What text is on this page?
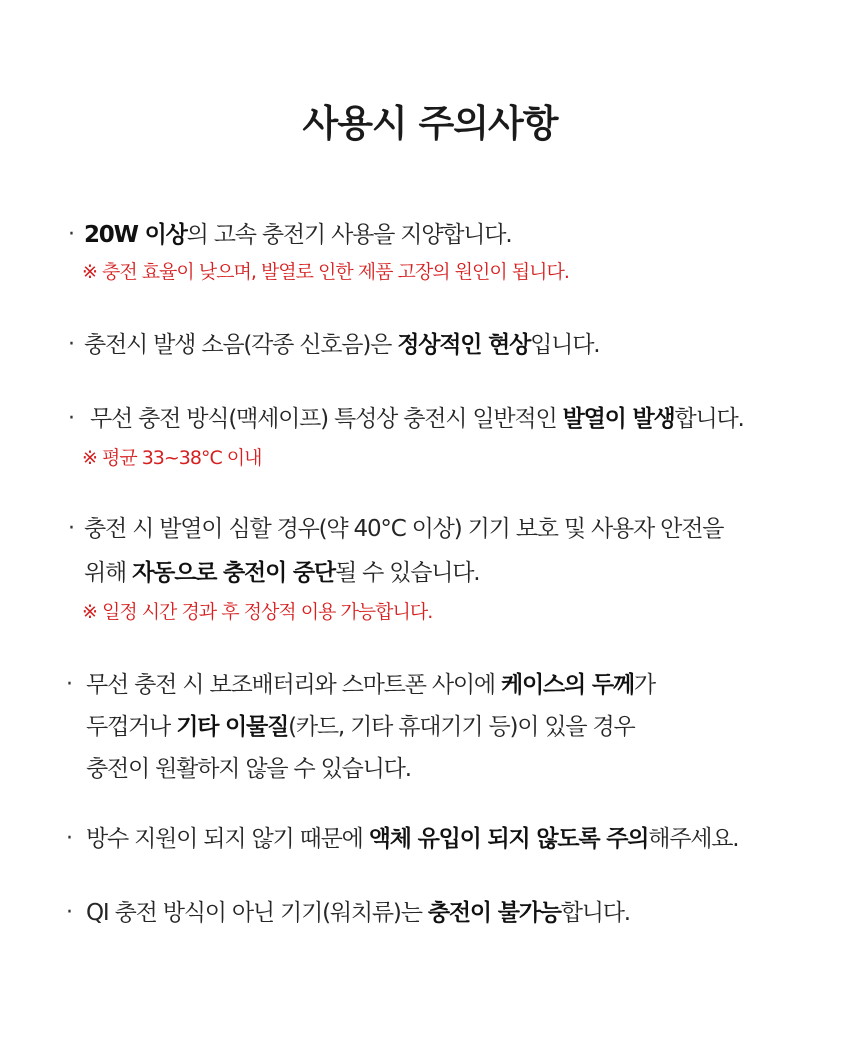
사용시 주의사항
· 20W 이상의 고속 충전기 사용을 지양합니다.
※ 충전 효율이 낮으며, 발열로 인한 제품 고장의 원인이 됩니다.
· 충전시 발생 소음(각종 신호음)은 정상적인 현상입니다.
· 무선 충전 방식(맥세이프) 특성상 충전시 일반적인 발열이 발생합니다.
※ 평균 33~38°C 이내
· 충전 시 발열이 심할 경우(약 40°C 이상) 기기 보호 및 사용자 안전을
위해 자동으로 충전이 중단될 수 있습니다.
※ 일정 시간 경과 후 정상적 이용 가능합니다.
· 무선 충전 시 보조배터리와 스마트폰 사이에 케이스의 두께가
두껍거나 기타 이물질(카드, 기타 휴대기기 등)이 있을 경우
충전이 원활하지 않을 수 있습니다.
· 방수 지원이 되지 않기 때문에 액체 유입이 되지 않도록 주의해주세요.
· QI 충전 방식이 아닌 기기(워치류)는 충전이 불가능합니다.
